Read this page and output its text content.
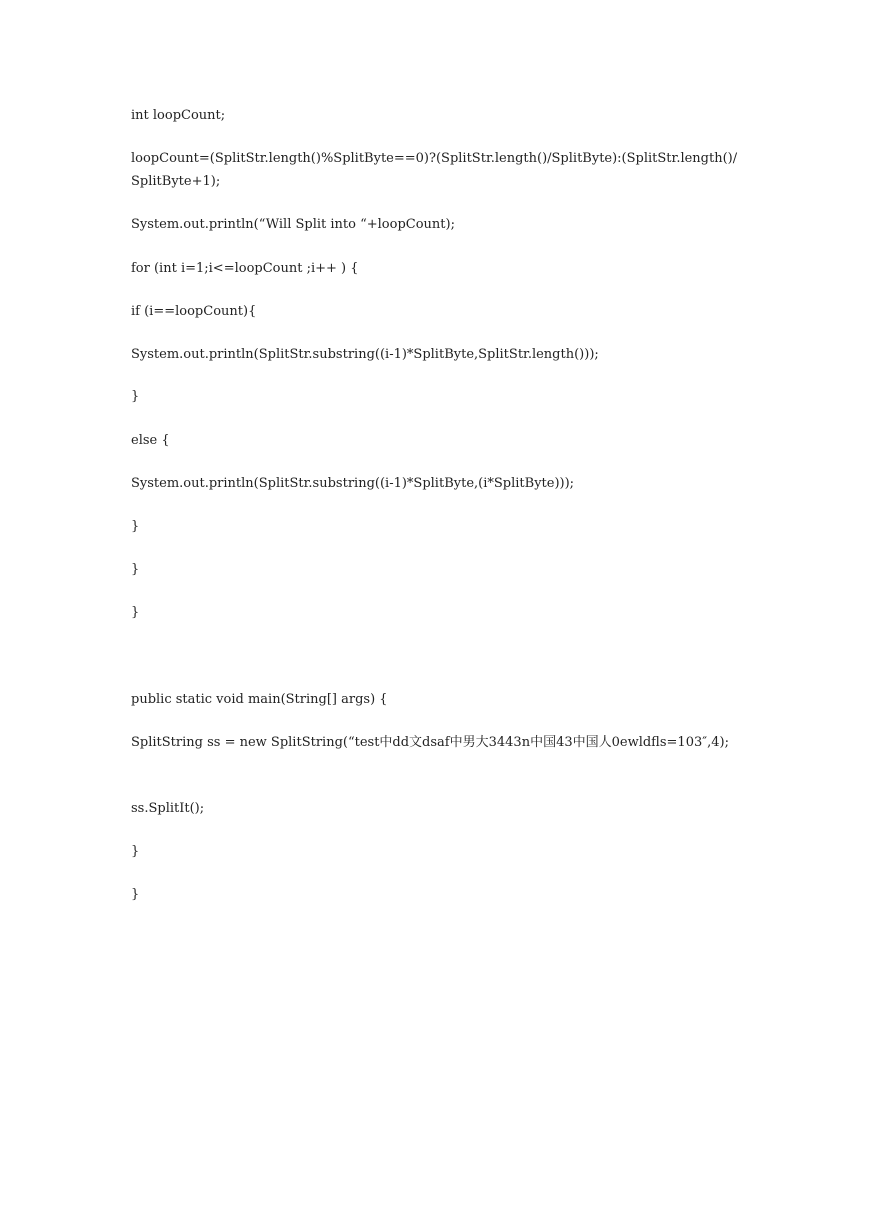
int loopCount;

loopCount=(SplitStr.length()%SplitByte==0)?(SplitStr.length()/SplitByte):(SplitStr.length()/SplitByte+1);

System.out.println(“Will Split into “+loopCount);

for (int i=1;i<=loopCount ;i++ ) {

if (i==loopCount){

System.out.println(SplitStr.substring((i-1)*SplitByte,SplitStr.length()));

}

else {

System.out.println(SplitStr.substring((i-1)*SplitByte,(i*SplitByte)));

}

}

}

public static void main(String[] args) {

SplitString ss = new SplitString(“test中dd文dsaf中男大3443n中国43中国人0ewldfls=103″,4);

ss.SplitIt();

}

}
